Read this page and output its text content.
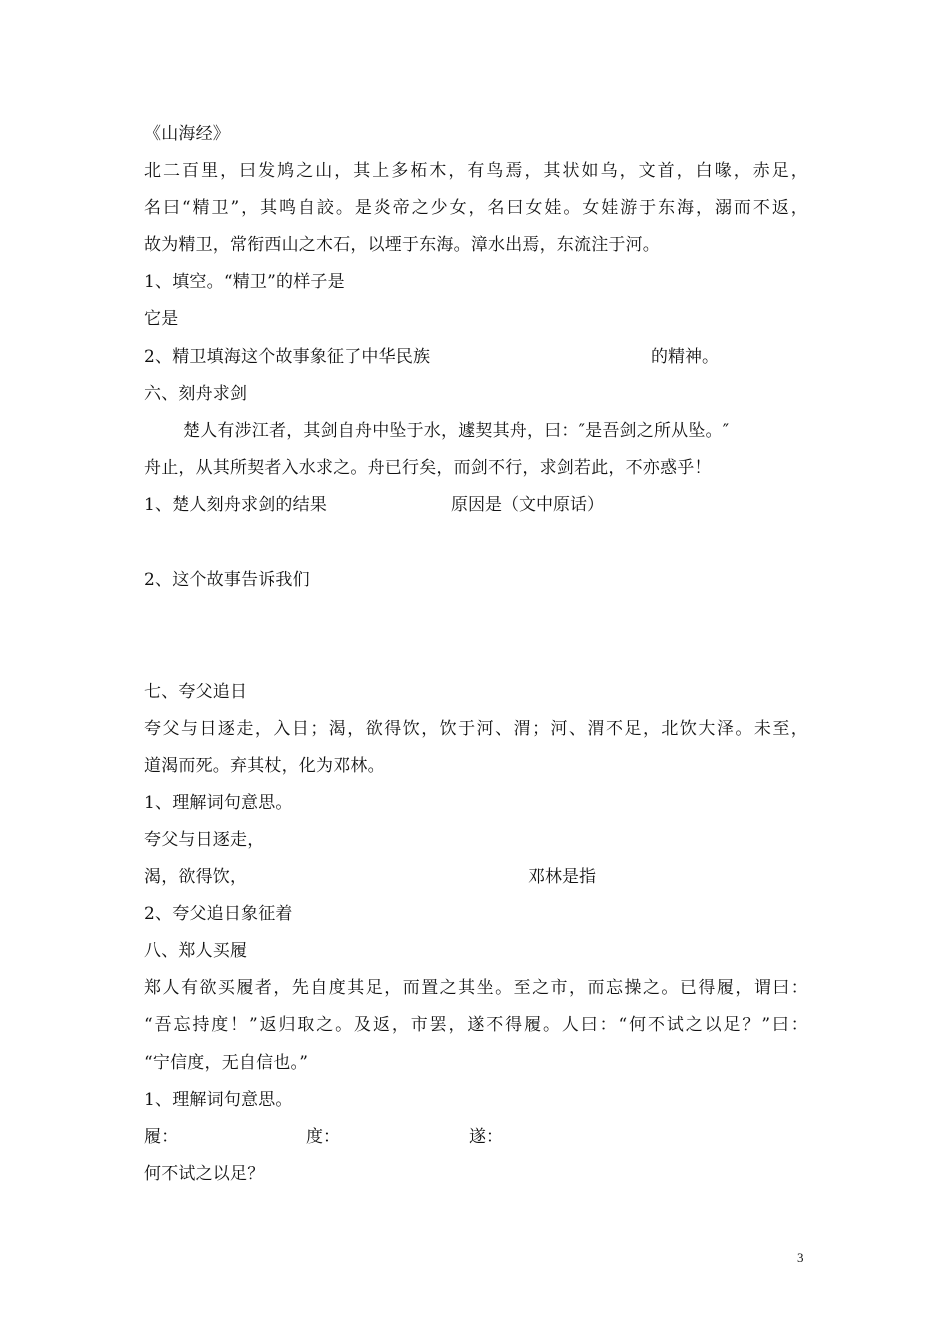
《山海经》
北二百里，曰发鸠之山，其上多柘木，有鸟焉，其状如乌，文首，白喙，赤足，
名曰“精卫”，其鸣自詨。是炎帝之少女，名曰女娃。女娃游于东海，溺而不返，
故为精卫，常衔西山之木石，以堙于东海。漳水出焉，东流注于河。
1、填空。“精卫”的样子是
它是
2、精卫填海这个故事象征了中华民族	的精神。
六、刻舟求剑
楚人有涉江者，其剑自舟中坠于水，遽契其舟，曰：″是吾剑之所从坠。″
舟止，从其所契者入水求之。舟已行矣，而剑不行，求剑若此，不亦惑乎！
1、楚人刻舟求剑的结果	原因是（文中原话）
2、这个故事告诉我们
七、夸父追日
夸父与日逐走，入日；渴，欲得饮，饮于河、渭；河、渭不足，北饮大泽。未至，
道渴而死。弃其杖，化为邓林。
1、理解词句意思。
夸父与日逐走，
渴，欲得饮，	邓林是指
2、夸父追日象征着
八、郑人买履
郑人有欲买履者，先自度其足，而置之其坐。至之市，而忘操之。已得履，谓曰：
“吾忘持度！”返归取之。及返，市罢，遂不得履。人曰：“何不试之以足？”曰：
“宁信度，无自信也。”
1、理解词句意思。
履：	度：	遂：
何不试之以足？
3
